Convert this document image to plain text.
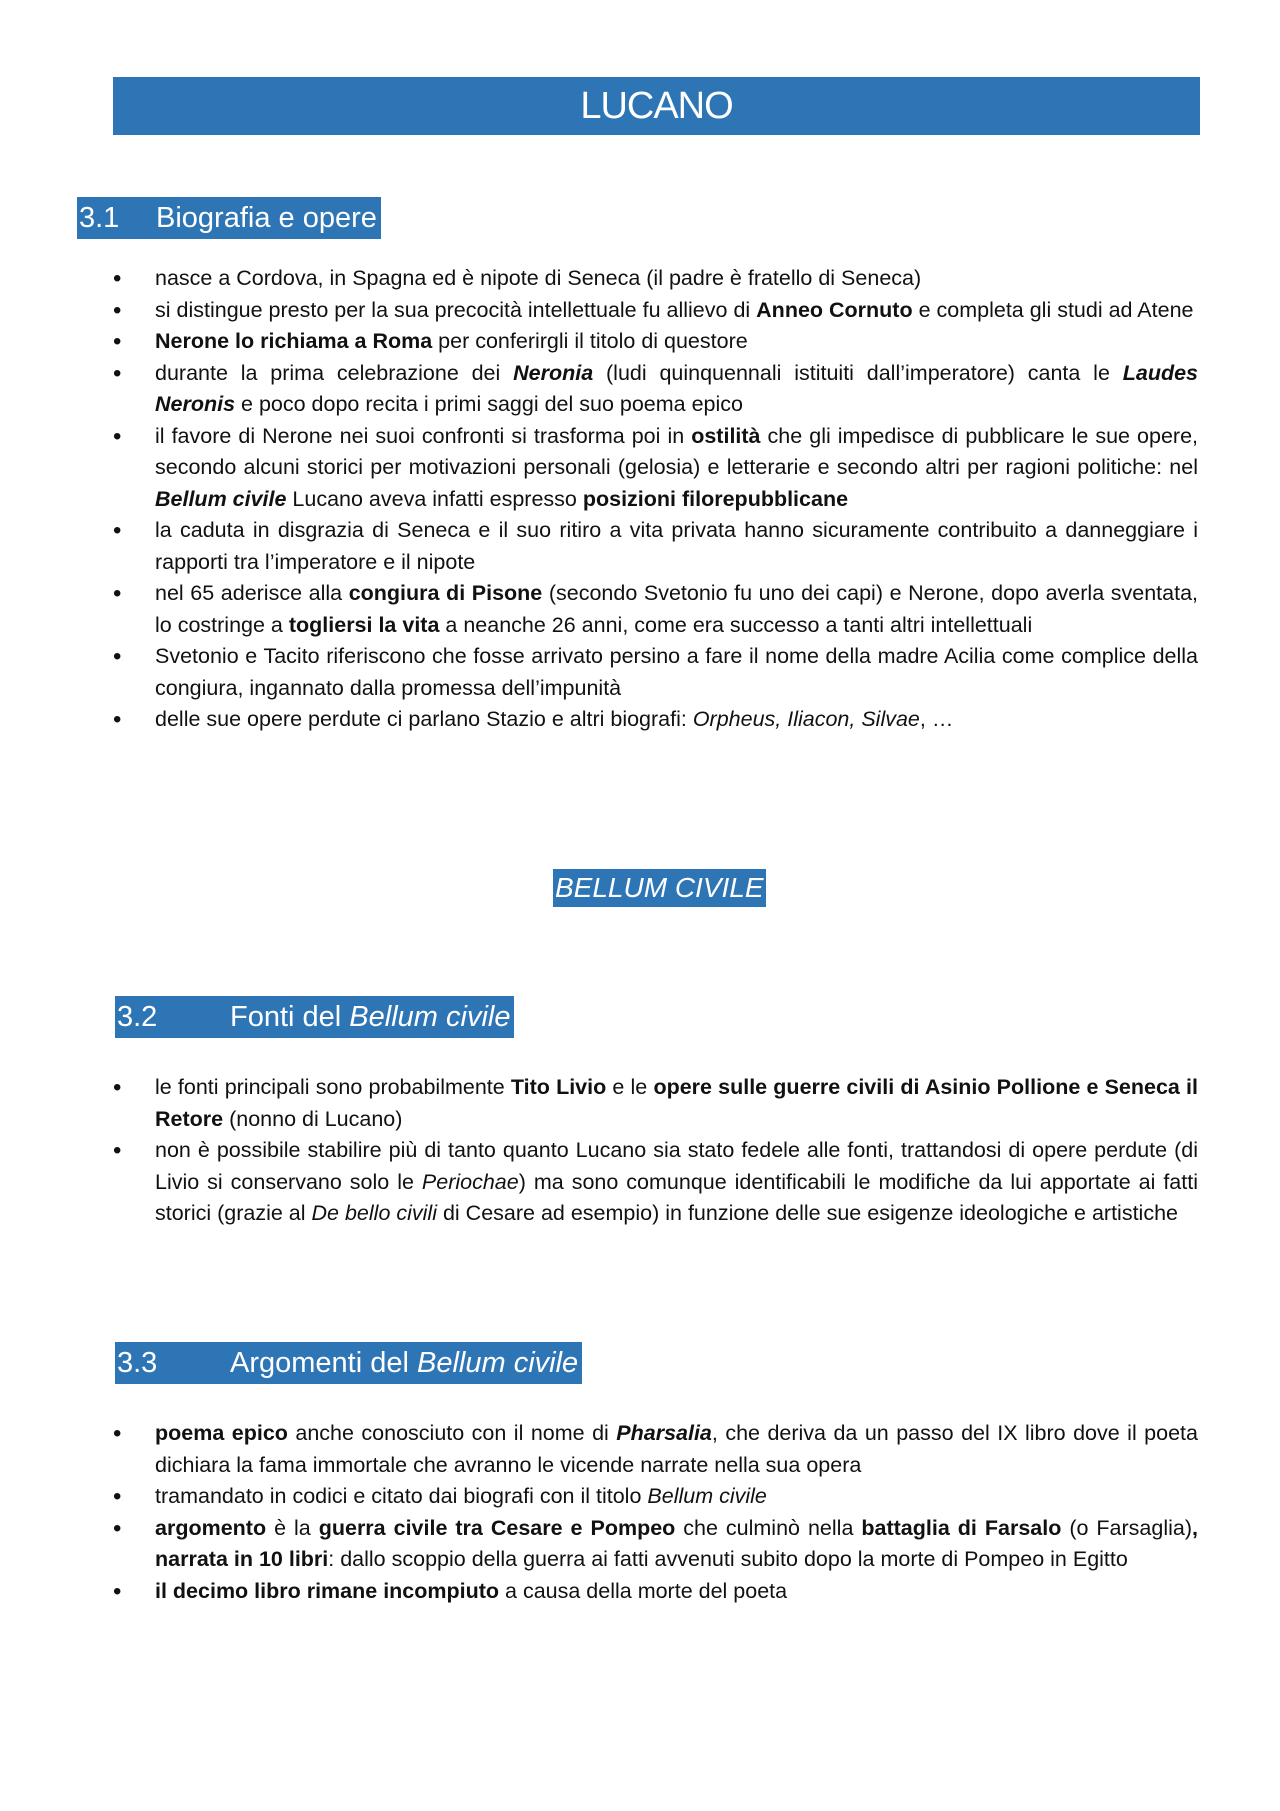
LUCANO
3.1 Biografia e opere
• nasce a Cordova, in Spagna ed è nipote di Seneca (il padre è fratello di Seneca)
• si distingue presto per la sua precocità intellettuale fu allievo di Anneo Cornuto e completa gli studi ad Atene
• Nerone lo richiama a Roma per conferirgli il titolo di questore
• durante la prima celebrazione dei Neronia (ludi quinquennali istituiti dall’imperatore) canta le Laudes Neronis e poco dopo recita i primi saggi del suo poema epico
• il favore di Nerone nei suoi confronti si trasforma poi in ostilità che gli impedisce di pubblicare le sue opere, secondo alcuni storici per motivazioni personali (gelosia) e letterarie e secondo altri per ragioni politiche: nel Bellum civile Lucano aveva infatti espresso posizioni filorepubblicane
• la caduta in disgrazia di Seneca e il suo ritiro a vita privata hanno sicuramente contribuito a danneggiare i rapporti tra l’imperatore e il nipote
• nel 65 aderisce alla congiura di Pisone (secondo Svetonio fu uno dei capi) e Nerone, dopo averla sventata, lo costringe a togliersi la vita a neanche 26 anni, come era successo a tanti altri intellettuali
• Svetonio e Tacito riferiscono che fosse arrivato persino a fare il nome della madre Acilia come complice della congiura, ingannato dalla promessa dell’impunità
• delle sue opere perdute ci parlano Stazio e altri biografi: Orpheus, Iliacon, Silvae, …
BELLUM CIVILE
3.2	Fonti del Bellum civile
• le fonti principali sono probabilmente Tito Livio e le opere sulle guerre civili di Asinio Pollione e Seneca il Retore (nonno di Lucano)
• non è possibile stabilire più di tanto quanto Lucano sia stato fedele alle fonti, trattandosi di opere perdute (di Livio si conservano solo le Periochae) ma sono comunque identificabili le modifiche da lui apportate ai fatti storici (grazie al De bello civili di Cesare ad esempio) in funzione delle sue esigenze ideologiche e artistiche
3.3	Argomenti del Bellum civile
• poema epico anche conosciuto con il nome di Pharsalia, che deriva da un passo del IX libro dove il poeta dichiara la fama immortale che avranno le vicende narrate nella sua opera
• tramandato in codici e citato dai biografi con il titolo Bellum civile
• argomento è la guerra civile tra Cesare e Pompeo che culminò nella battaglia di Farsalo (o Farsaglia), narrata in 10 libri: dallo scoppio della guerra ai fatti avvenuti subito dopo la morte di Pompeo in Egitto
• il decimo libro rimane incompiuto a causa della morte del poeta
